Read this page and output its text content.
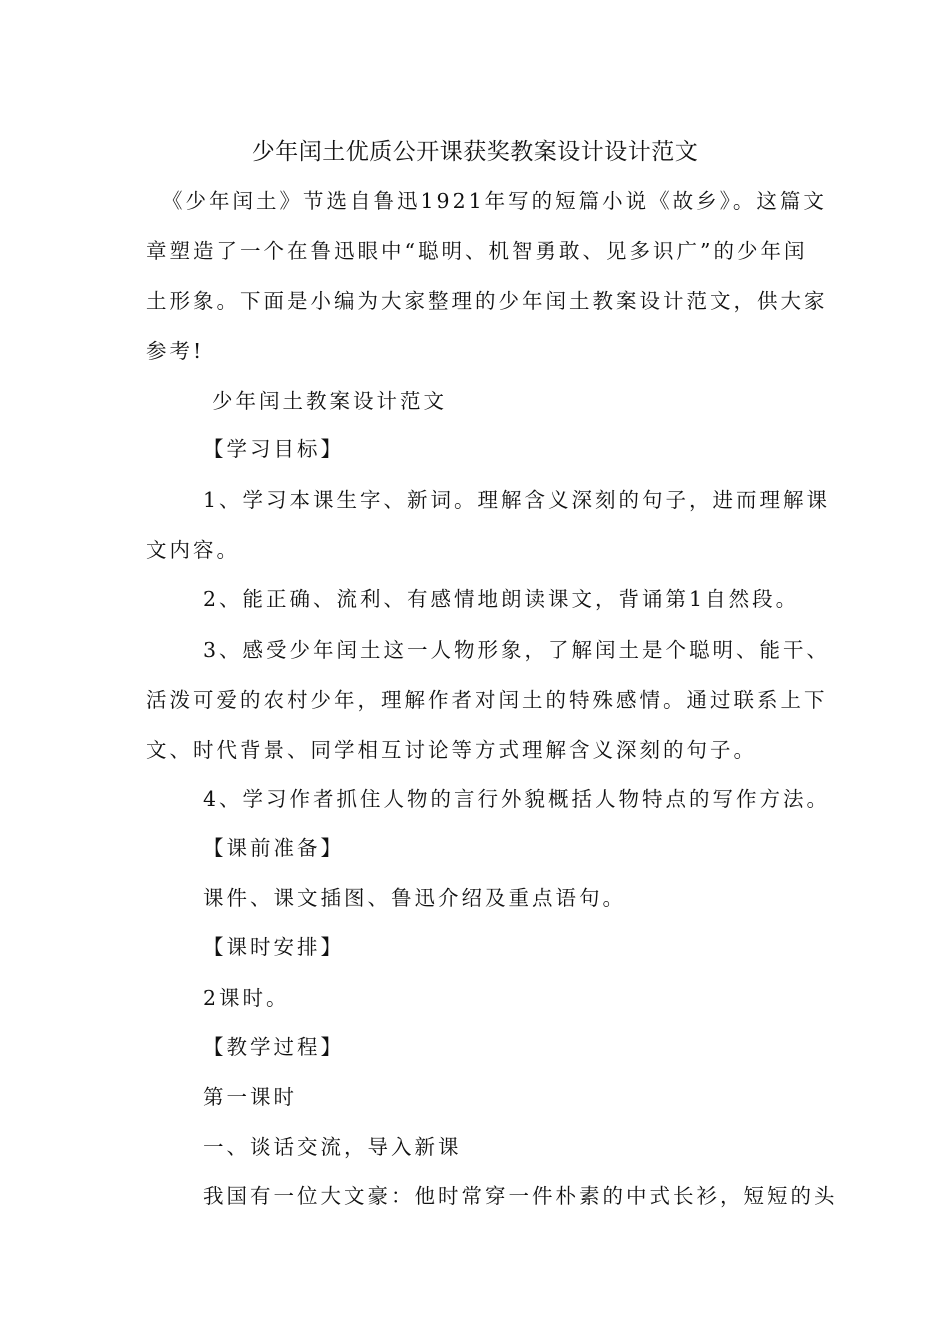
少年闰土优质公开课获奖教案设计设计范文
《少年闰土》节选自鲁迅1921年写的短篇小说《故乡》。这篇文
章塑造了一个在鲁迅眼中“聪明、机智勇敢、见多识广”的少年闰
土形象。下面是小编为大家整理的少年闰土教案设计范文，供大家
参考!
少年闰土教案设计范文
【学习目标】
1、学习本课生字、新词。理解含义深刻的句子，进而理解课
文内容。
2、能正确、流利、有感情地朗读课文，背诵第1自然段。
3、感受少年闰土这一人物形象，了解闰土是个聪明、能干、
活泼可爱的农村少年，理解作者对闰土的特殊感情。通过联系上下
文、时代背景、同学相互讨论等方式理解含义深刻的句子。
4、学习作者抓住人物的言行外貌概括人物特点的写作方法。
【课前准备】
课件、课文插图、鲁迅介绍及重点语句。
【课时安排】
2课时。
【教学过程】
第一课时
一、谈话交流，导入新课
我国有一位大文豪：他时常穿一件朴素的中式长衫，短短的头
